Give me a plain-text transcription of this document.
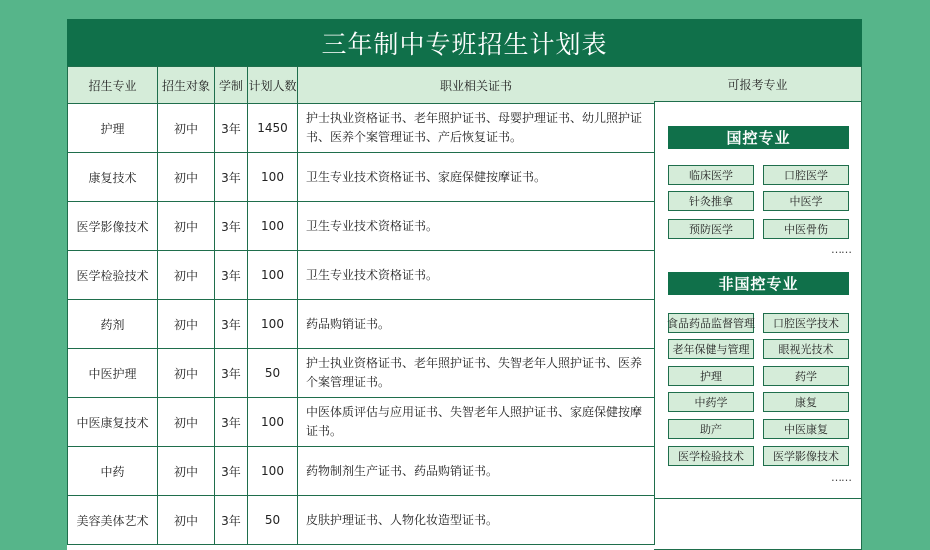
三年制中专班招生计划表
招生专业	招生对象	学制	计划人数	职业相关证书
护理	初中	3年	1450	护士执业资格证书、老年照护证书、母婴护理证书、幼儿照护证书、医养个案管理证书、产后恢复证书。
康复技术	初中	3年	100	卫生专业技术资格证书、家庭保健按摩证书。
医学影像技术	初中	3年	100	卫生专业技术资格证书。
医学检验技术	初中	3年	100	卫生专业技术资格证书。
药剂	初中	3年	100	药品购销证书。
中医护理	初中	3年	50	护士执业资格证书、老年照护证书、失智老年人照护证书、医养个案管理证书。
中医康复技术	初中	3年	100	中医体质评估与应用证书、失智老年人照护证书、家庭保健按摩证书。
中药	初中	3年	100	药物制剂生产证书、药品购销证书。
美容美体艺术	初中	3年	50	皮肤护理证书、人物化妆造型证书。
可报考专业
国控专业
临床医学	口腔医学
针灸推拿	中医学
预防医学	中医骨伤
……
非国控专业
食品药品监督管理	口腔医学技术
老年保健与管理	眼视光技术
护理	药学
中药学	康复
助产	中医康复
医学检验技术	医学影像技术
……
